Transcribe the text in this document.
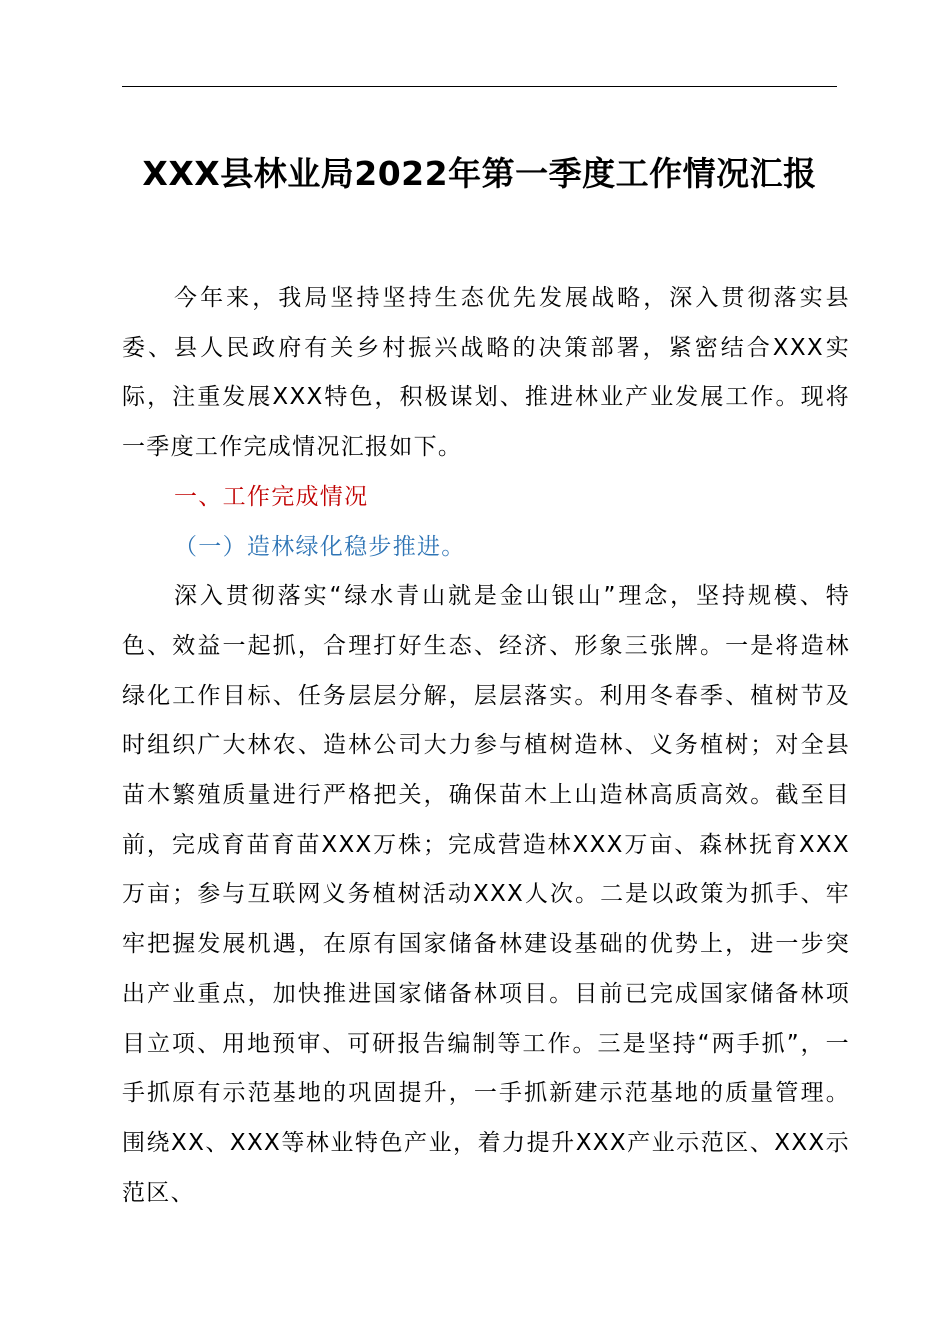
XXX县林业局2022年第一季度工作情况汇报

今年来，我局坚持坚持生态优先发展战略，深入贯彻落实县委、县人民政府有关乡村振兴战略的决策部署，紧密结合XXX实际，注重发展XXX特色，积极谋划、推进林业产业发展工作。现将一季度工作完成情况汇报如下。

一、工作完成情况

（一）造林绿化稳步推进。

深入贯彻落实“绿水青山就是金山银山”理念，坚持规模、特色、效益一起抓，合理打好生态、经济、形象三张牌。一是将造林绿化工作目标、任务层层分解，层层落实。利用冬春季、植树节及时组织广大林农、造林公司大力参与植树造林、义务植树；对全县苗木繁殖质量进行严格把关，确保苗木上山造林高质高效。截至目前，完成育苗育苗XXX万株；完成营造林XXX万亩、森林抚育XXX万亩；参与互联网义务植树活动XXX人次。二是以政策为抓手、牢牢把握发展机遇，在原有国家储备林建设基础的优势上，进一步突出产业重点，加快推进国家储备林项目。目前已完成国家储备林项目立项、用地预审、可研报告编制等工作。三是坚持“两手抓”，一手抓原有示范基地的巩固提升，一手抓新建示范基地的质量管理。围绕XX、XXX等林业特色产业，着力提升XXX产业示范区、XXX示范区、
